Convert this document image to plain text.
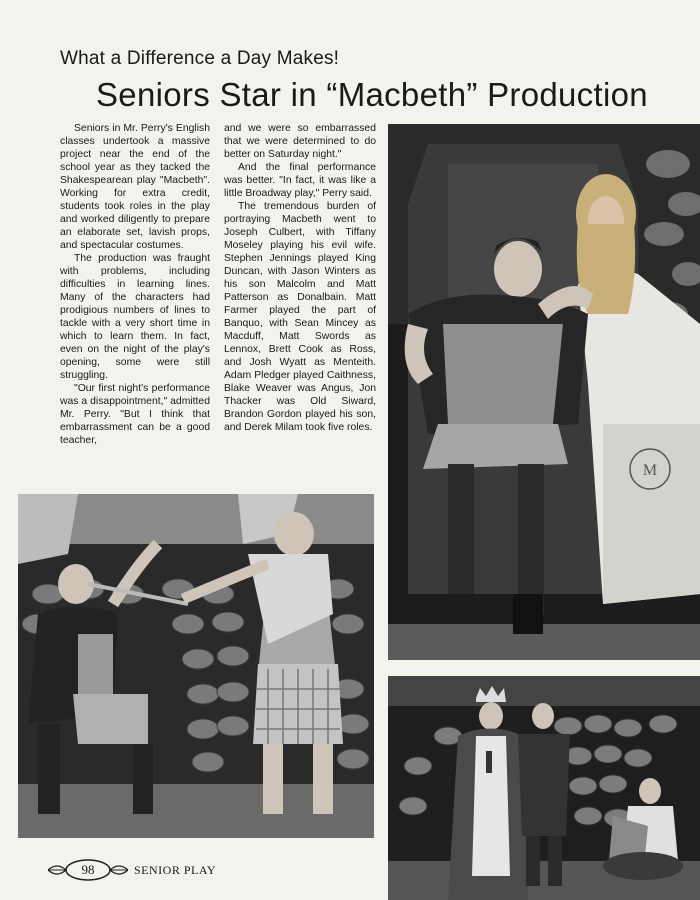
What a Difference a Day Makes!
Seniors Star in “Macbeth” Production

Seniors in Mr. Perry's English classes undertook a massive project near the end of the school year as they tacked the Shakespearean play "Macbeth". Working for extra credit, students took roles in the play and worked diligently to prepare an elaborate set, lavish props, and spectacular costumes.

The production was fraught with problems, including difficulties in learning lines. Many of the characters had prodigious numbers of lines to tackle with a very short time in which to learn them. In fact, even on the night of the play's opening, some were still struggling.

"Our first night's performance was a disappointment," admitted Mr. Perry. "But I think that embarrassment can be a good teacher,

and we were so embarrassed that we were determined to do better on Saturday night."

And the final performance was better. "In fact, it was like a little Broadway play," Perry said.

The tremendous burden of portraying Macbeth went to Joseph Culbert, with Tiffany Moseley playing his evil wife. Stephen Jennings played King Duncan, with Jason Winters as his son Malcolm and Matt Patterson as Donalbain. Matt Farmer played the part of Banquo, with Sean Mincey as Macduff, Matt Swords as Lennox, Brett Cook as Ross, and Josh Wyatt as Menteith. Adam Pledger played Caithness, Blake Weaver was Angus, Jon Thacker was Old Siward, Brandon Gordon played his son, and Derek Milam took five roles.

M
98	SENIOR PLAY
